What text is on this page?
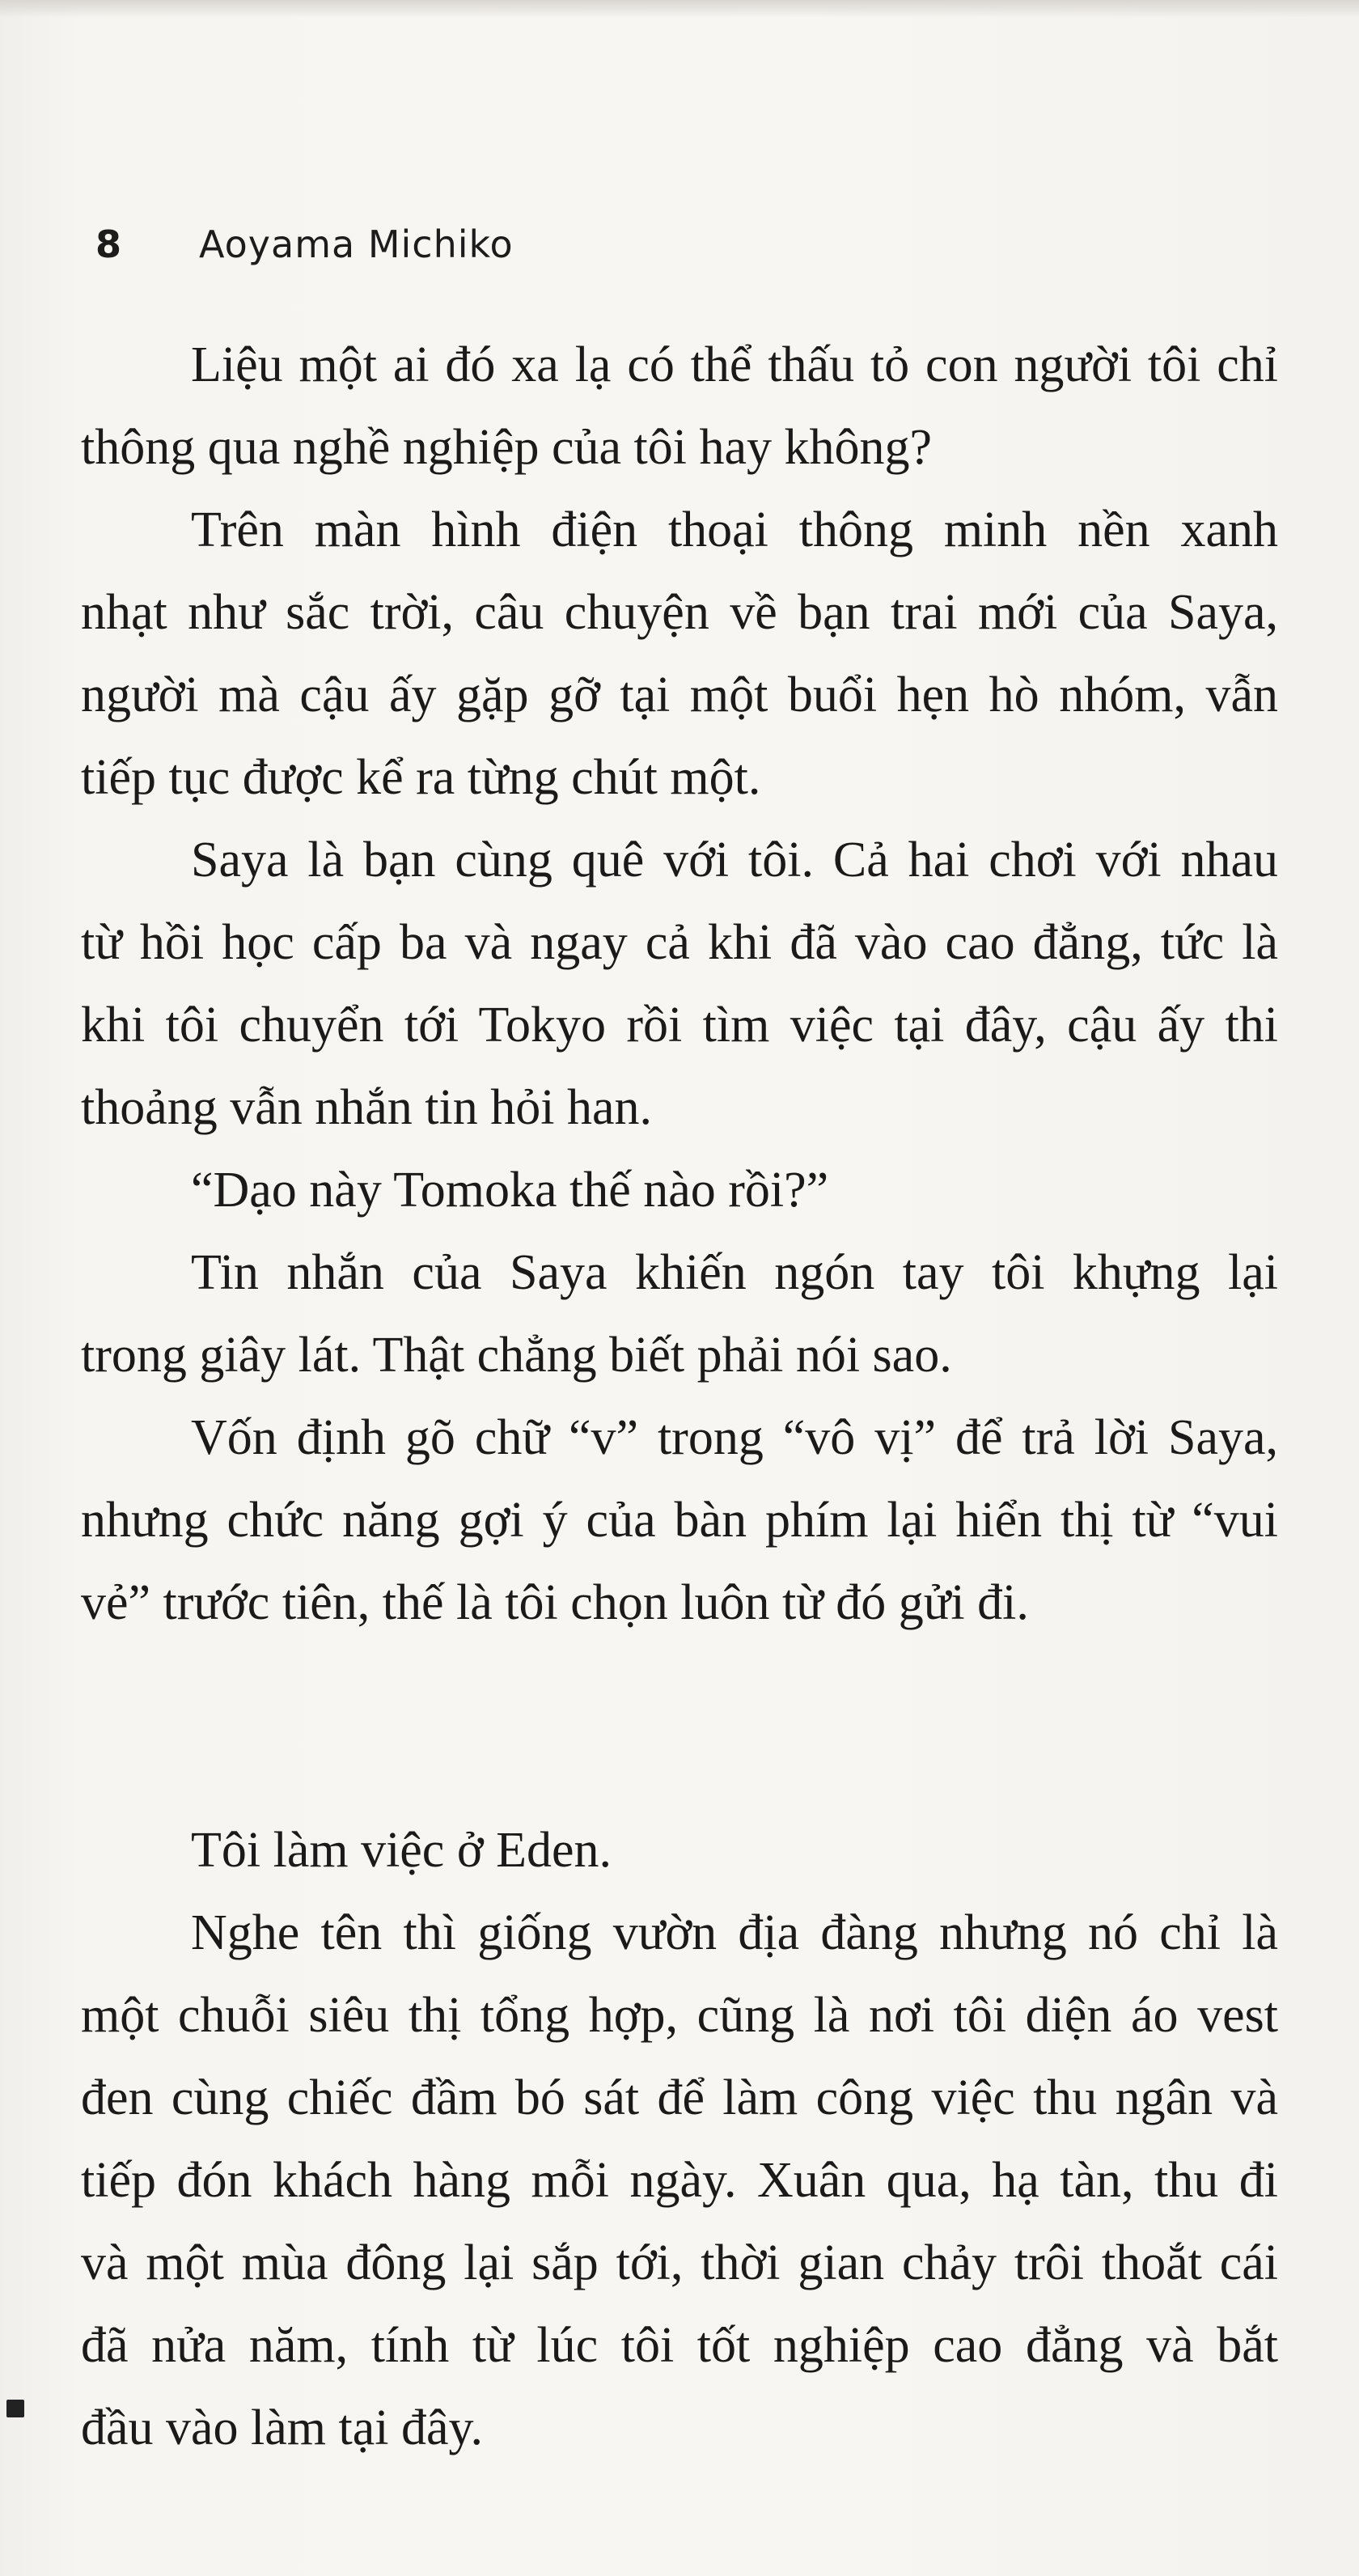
8	Aoyama Michiko

Liệu một ai đó xa lạ có thể thấu tỏ con người tôi chỉ
thông qua nghề nghiệp của tôi hay không?

Trên màn hình điện thoại thông minh nền xanh
nhạt như sắc trời, câu chuyện về bạn trai mới của Saya,
người mà cậu ấy gặp gỡ tại một buổi hẹn hò nhóm, vẫn
tiếp tục được kể ra từng chút một.

Saya là bạn cùng quê với tôi. Cả hai chơi với nhau
từ hồi học cấp ba và ngay cả khi đã vào cao đẳng, tức là
khi tôi chuyển tới Tokyo rồi tìm việc tại đây, cậu ấy thi
thoảng vẫn nhắn tin hỏi han.

“Dạo này Tomoka thế nào rồi?”

Tin nhắn của Saya khiến ngón tay tôi khựng lại
trong giây lát. Thật chẳng biết phải nói sao.

Vốn định gõ chữ “v” trong “vô vị” để trả lời Saya,
nhưng chức năng gợi ý của bàn phím lại hiển thị từ “vui
vẻ” trước tiên, thế là tôi chọn luôn từ đó gửi đi.

Tôi làm việc ở Eden.

Nghe tên thì giống vườn địa đàng nhưng nó chỉ là
một chuỗi siêu thị tổng hợp, cũng là nơi tôi diện áo vest
đen cùng chiếc đầm bó sát để làm công việc thu ngân và
tiếp đón khách hàng mỗi ngày. Xuân qua, hạ tàn, thu đi
và một mùa đông lại sắp tới, thời gian chảy trôi thoắt cái
đã nửa năm, tính từ lúc tôi tốt nghiệp cao đẳng và bắt
đầu vào làm tại đây.
